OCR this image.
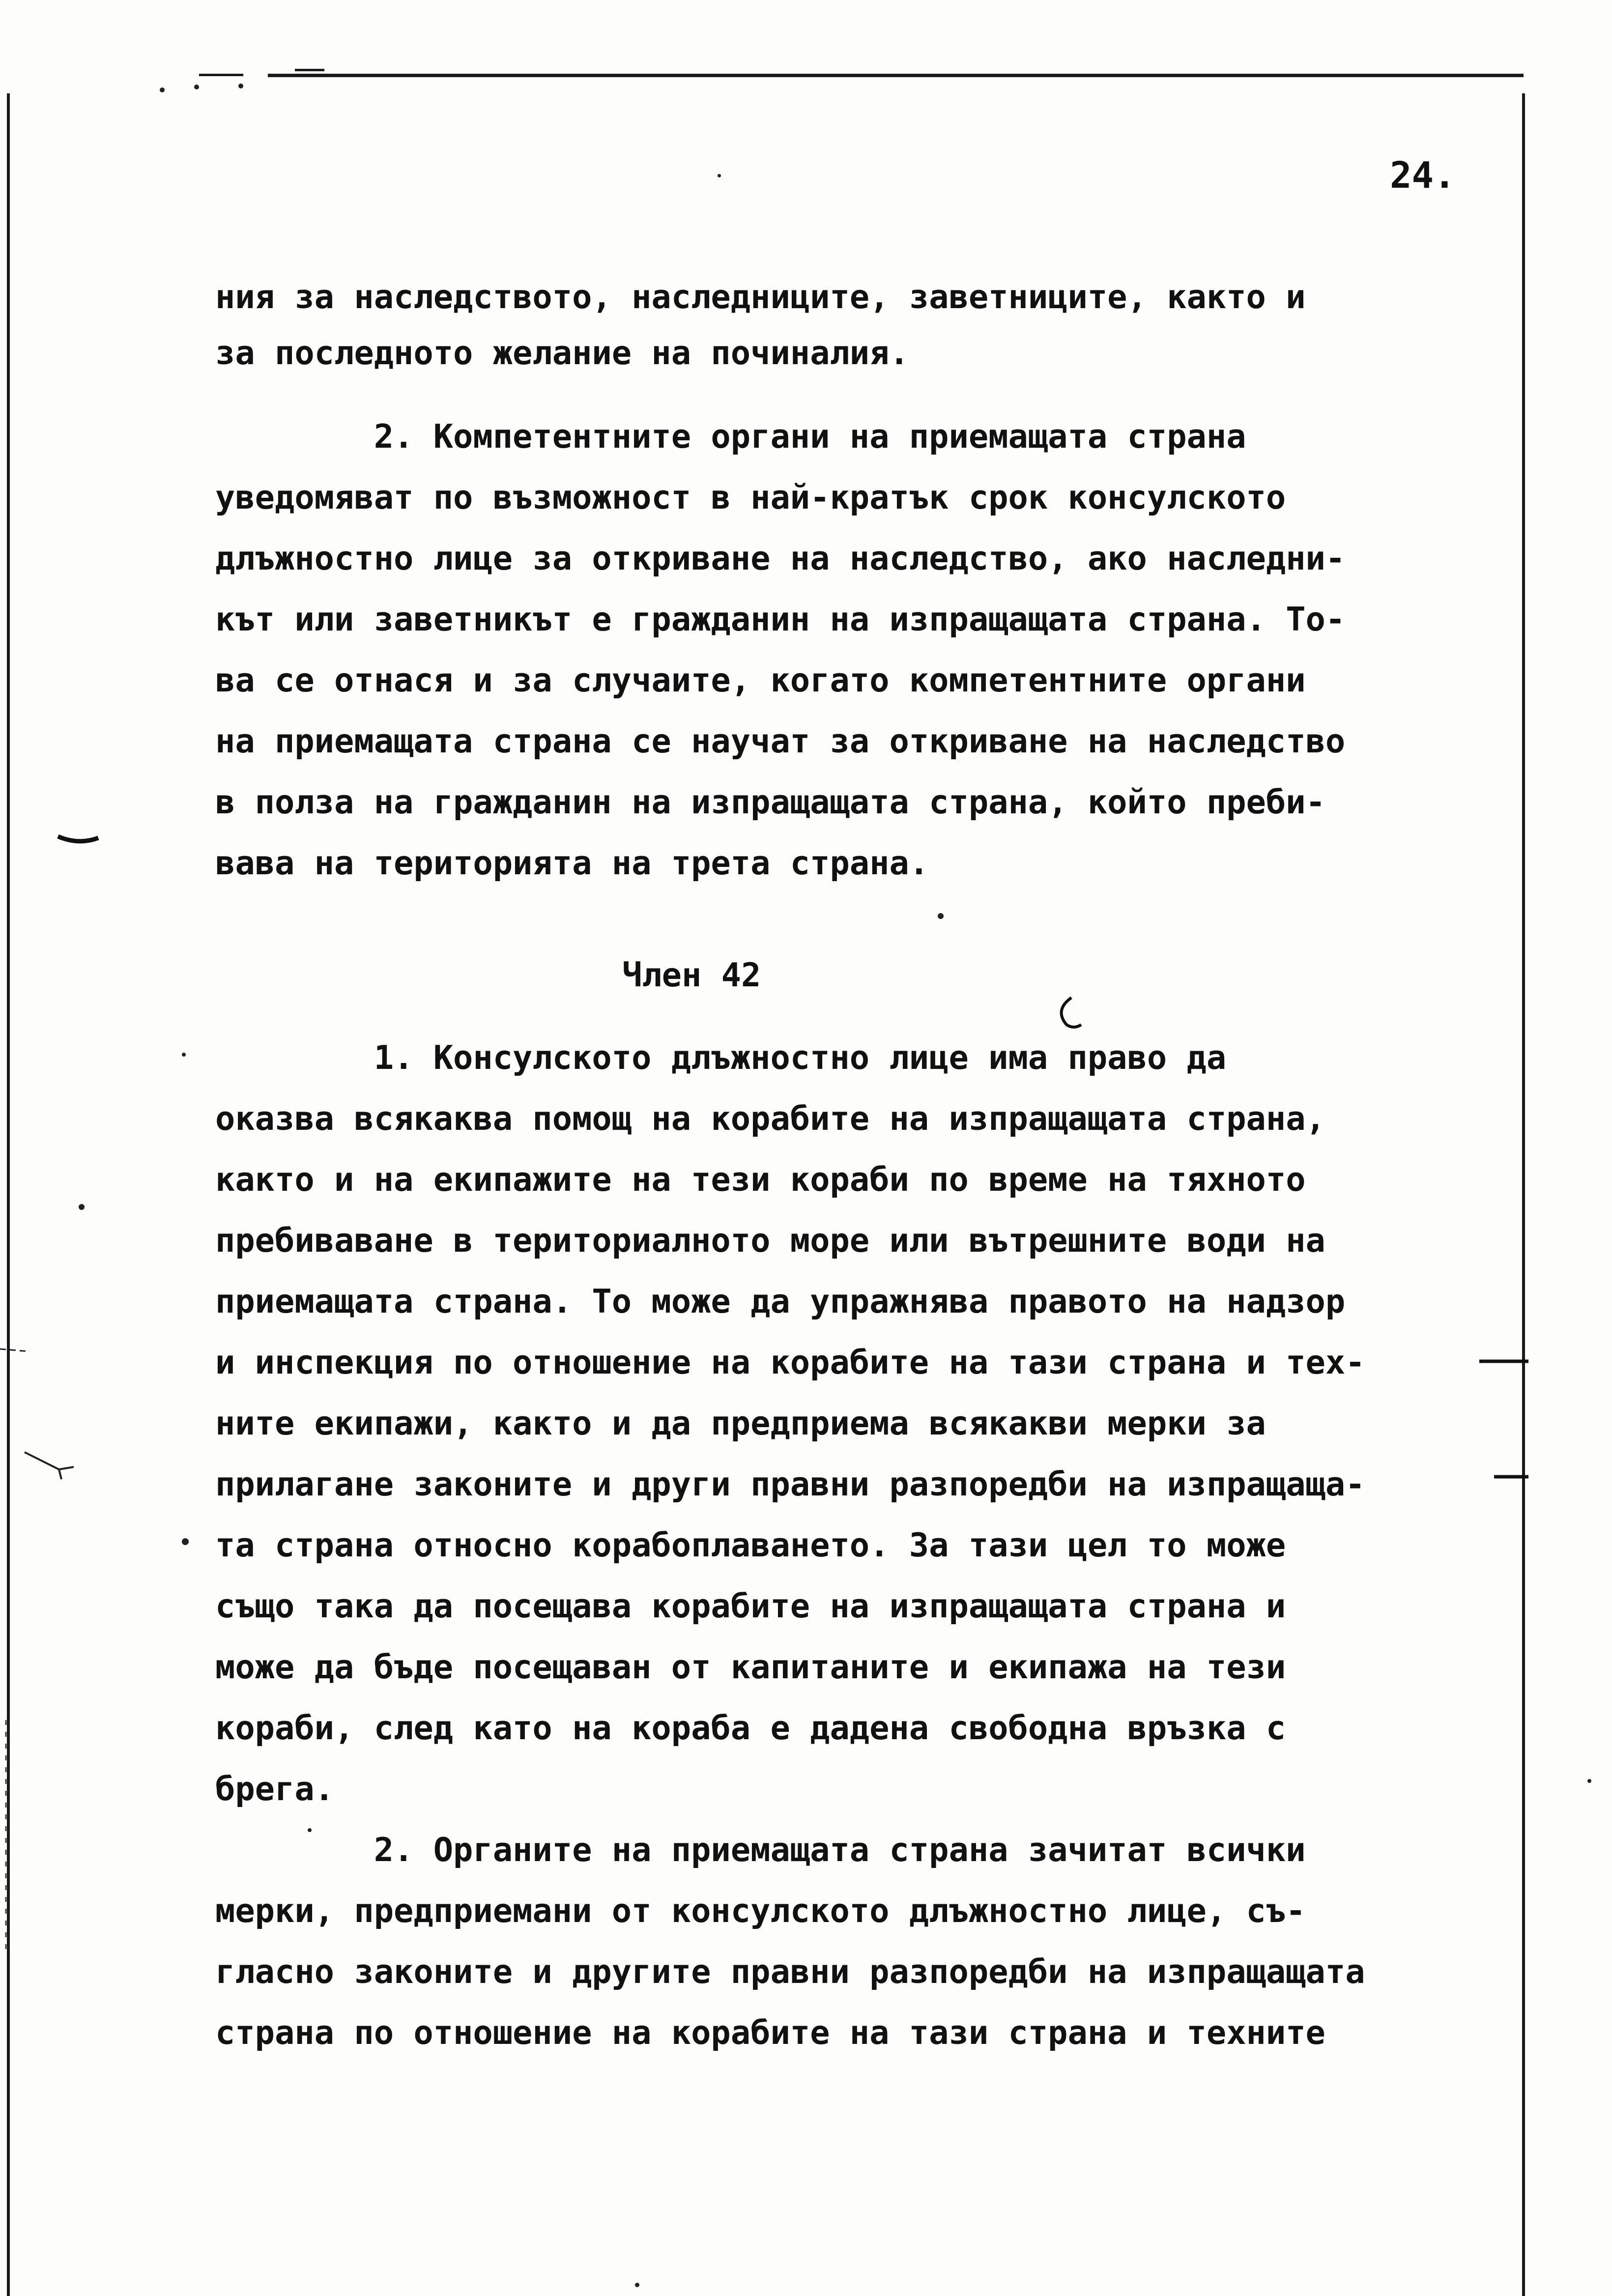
24.
ния за наследството, наследниците, заветниците, както и
за последното желание на починалия.
2. Компетентните органи на приемащата страна
уведомяват по възможност в най-кратък срок консулското
длъжностно лице за откриване на наследство, ако наследни-
кът или заветникът е гражданин на изпращащата страна. То-
ва се отнася и за случаите, когато компетентните органи
на приемащата страна се научат за откриване на наследство
в полза на гражданин на изпращащата страна, който преби-
вава на територията на трета страна.
Член 42
1. Консулското длъжностно лице има право да
оказва всякаква помощ на корабите на изпращащата страна,
както и на екипажите на тези кораби по време на тяхното
пребиваване в териториалното море или вътрешните води на
приемащата страна. То може да упражнява правото на надзор
и инспекция по отношение на корабите на тази страна и тех-
ните екипажи, както и да предприема всякакви мерки за
прилагане законите и други правни разпоредби на изпращаща-
та страна относно корабоплаването. За тази цел то може
също така да посещава корабите на изпращащата страна и
може да бъде посещаван от капитаните и екипажа на тези
кораби, след като на кораба е дадена свободна връзка с
брега.
2. Органите на приемащата страна зачитат всички
мерки, предприемани от консулското длъжностно лице, съ-
гласно законите и другите правни разпоредби на изпращащата
страна по отношение на корабите на тази страна и техните
